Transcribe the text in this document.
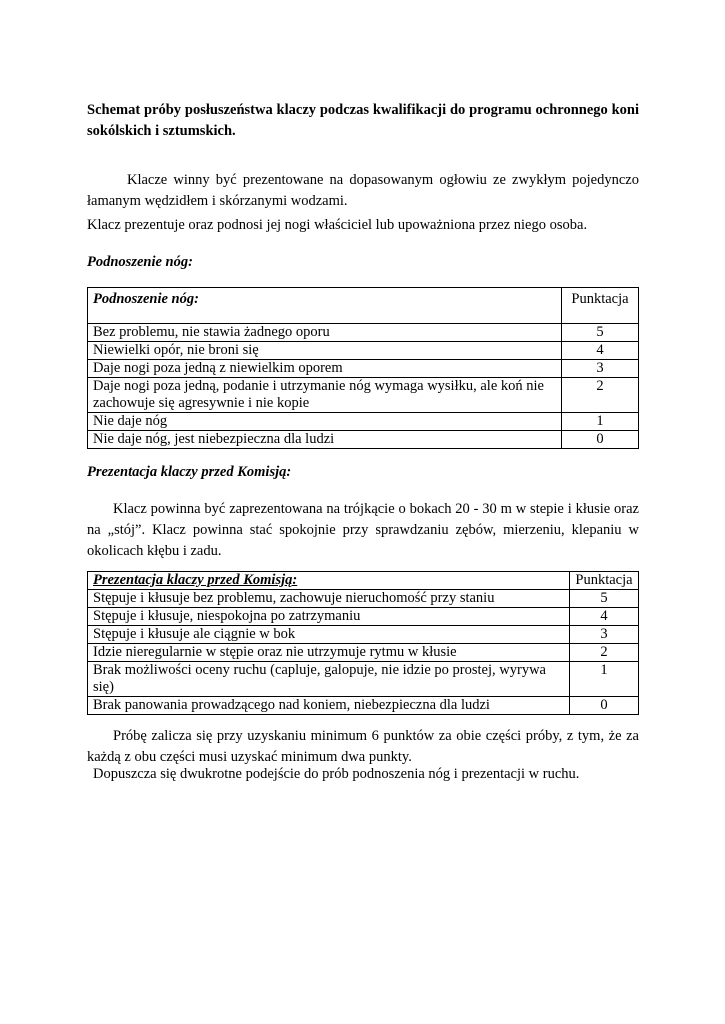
Schemat próby posłuszeństwa klaczy podczas kwalifikacji do programu ochronnego koni sokólskich i sztumskich.
Klacze winny być prezentowane na dopasowanym ogłowiu ze zwykłym pojedynczo łamanym wędzidłem i skórzanymi wodzami.
Klacz prezentuje oraz podnosi jej nogi właściciel lub upoważniona przez niego osoba.
Podnoszenie nóg:
Podnoszenie nóg:	Punktacja
Bez problemu, nie stawia żadnego oporu	5
Niewielki opór, nie broni się	4
Daje nogi poza jedną z niewielkim oporem	3
Daje nogi poza jedną, podanie i utrzymanie nóg wymaga wysiłku, ale koń nie zachowuje się agresywnie i nie kopie	2
Nie daje nóg	1
Nie daje nóg, jest niebezpieczna dla ludzi	0
Prezentacja klaczy przed Komisją:
Klacz powinna być zaprezentowana na trójkącie o bokach 20 - 30 m w stepie i kłusie oraz na „stój”. Klacz powinna stać spokojnie przy sprawdzaniu zębów, mierzeniu, klepaniu w okolicach kłębu i zadu.
Prezentacja klaczy przed Komisją:	Punktacja
Stępuje i kłusuje bez problemu, zachowuje nieruchomość przy staniu	5
Stępuje i kłusuje, niespokojna po zatrzymaniu	4
Stępuje i kłusuje ale ciągnie w bok	3
Idzie nieregularnie w stępie oraz nie utrzymuje rytmu w kłusie	2
Brak możliwości oceny ruchu (capluje, galopuje, nie idzie po prostej, wyrywa się)	1
Brak panowania prowadzącego nad koniem, niebezpieczna dla ludzi	0
Próbę zalicza się przy uzyskaniu minimum 6 punktów za obie części próby, z tym, że za każdą z obu części musi uzyskać minimum dwa punkty.
Dopuszcza się dwukrotne podejście do prób podnoszenia nóg i prezentacji w ruchu.
